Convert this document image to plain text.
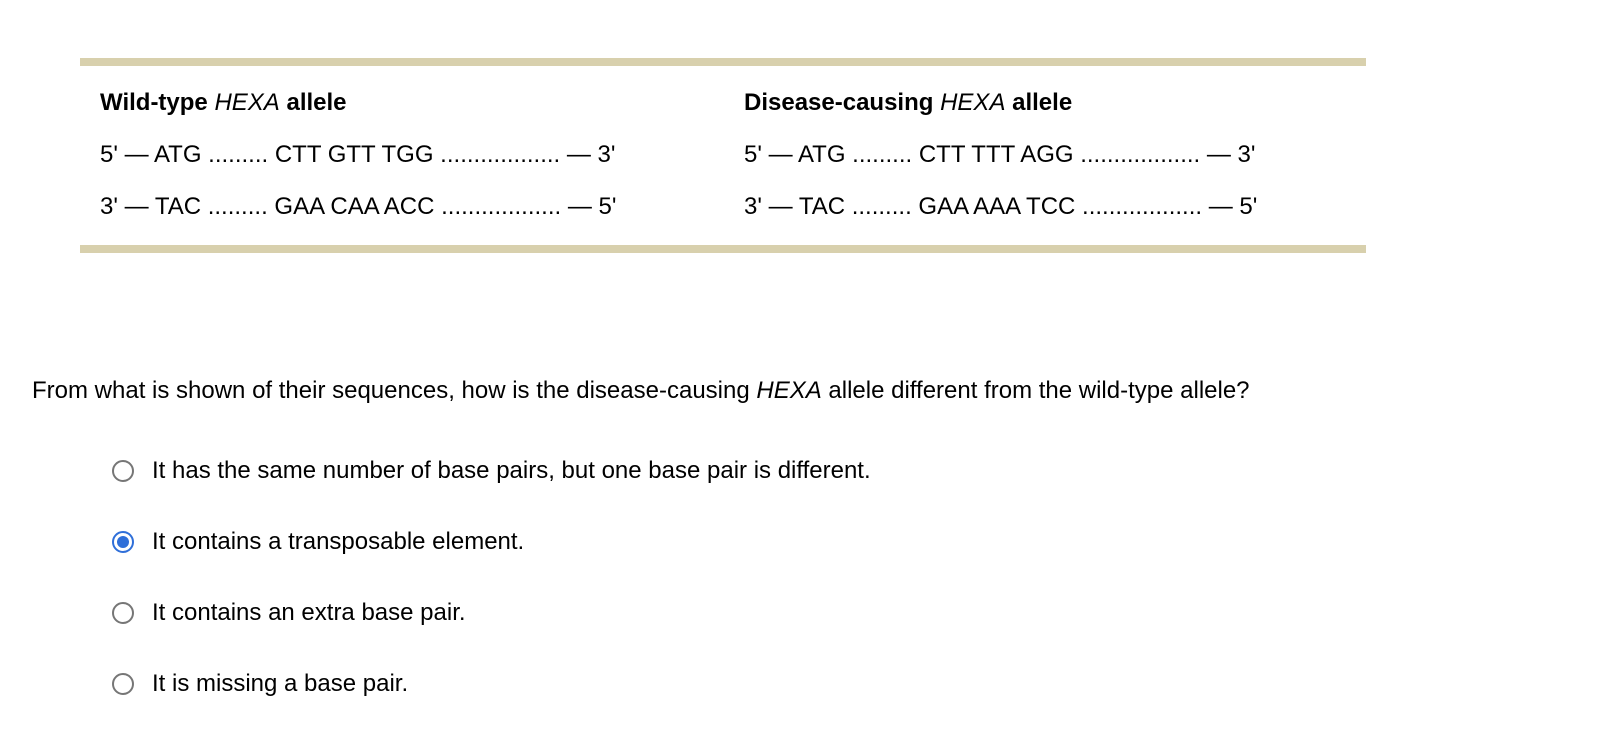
Wild-type HEXA allele
5' — ATG ......... CTT GTT TGG .................. — 3'
3' — TAC ......... GAA CAA ACC .................. — 5'
Disease-causing HEXA allele
5' — ATG ......... CTT TTT AGG .................. — 3'
3' — TAC ......... GAA AAA TCC .................. — 5'
From what is shown of their sequences, how is the disease-causing HEXA allele different from the wild-type allele?
It has the same number of base pairs, but one base pair is different.
It contains a transposable element.
It contains an extra base pair.
It is missing a base pair.
